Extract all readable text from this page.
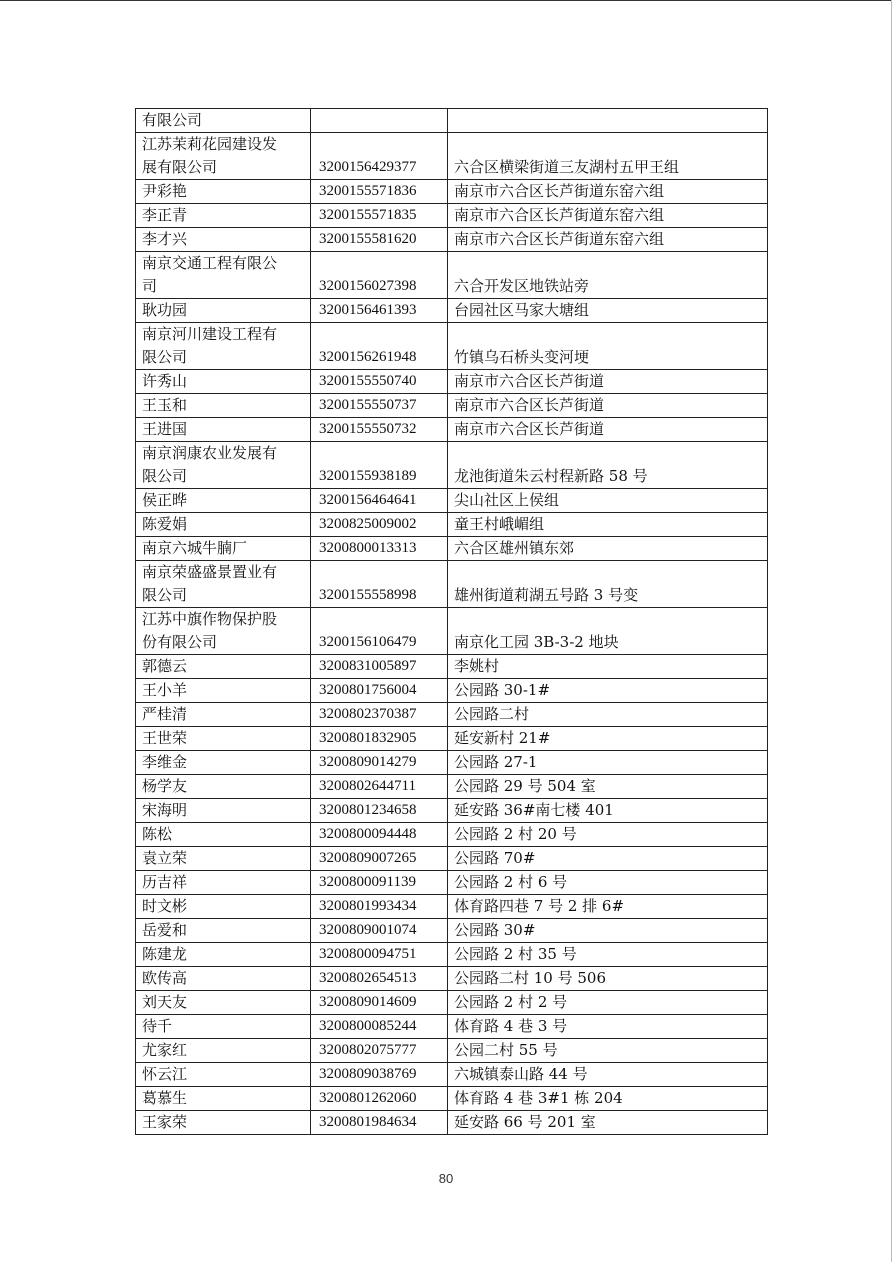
有限公司		
江苏茉莉花园建设发
展有限公司	3200156429377	六合区横梁街道三友湖村五甲王组
尹彩艳	3200155571836	南京市六合区长芦街道东窑六组
李正青	3200155571835	南京市六合区长芦街道东窑六组
李才兴	3200155581620	南京市六合区长芦街道东窑六组
南京交通工程有限公
司	3200156027398	六合开发区地铁站旁
耿功园	3200156461393	台园社区马家大塘组
南京河川建设工程有
限公司	3200156261948	竹镇乌石桥头变河埂
许秀山	3200155550740	南京市六合区长芦街道
王玉和	3200155550737	南京市六合区长芦街道
王进国	3200155550732	南京市六合区长芦街道
南京润康农业发展有
限公司	3200155938189	龙池街道朱云村程新路 58 号
侯正晔	3200156464641	尖山社区上侯组
陈爱娟	3200825009002	童王村峨嵋组
南京六城牛腩厂	3200800013313	六合区雄州镇东郊
南京荣盛盛景置业有
限公司	3200155558998	雄州街道莉湖五号路 3 号变
江苏中旗作物保护股
份有限公司	3200156106479	南京化工园 3B-3-2 地块
郭德云	3200831005897	李姚村
王小羊	3200801756004	公园路 30-1#
严桂清	3200802370387	公园路二村
王世荣	3200801832905	延安新村 21#
李维金	3200809014279	公园路 27-1
杨学友	3200802644711	公园路 29 号 504 室
宋海明	3200801234658	延安路 36#南七楼 401
陈松	3200800094448	公园路 2 村 20 号
袁立荣	3200809007265	公园路 70#
历吉祥	3200800091139	公园路 2 村 6 号
时文彬	3200801993434	体育路四巷 7 号 2 排 6#
岳爱和	3200809001074	公园路 30#
陈建龙	3200800094751	公园路 2 村 35 号
欧传高	3200802654513	公园路二村 10 号 506
刘天友	3200809014609	公园路 2 村 2 号
待千	3200800085244	体育路 4 巷 3 号
尤家红	3200802075777	公园二村 55 号
怀云江	3200809038769	六城镇泰山路 44 号
葛慕生	3200801262060	体育路 4 巷 3#1 栋 204
王家荣	3200801984634	延安路 66 号 201 室
80
